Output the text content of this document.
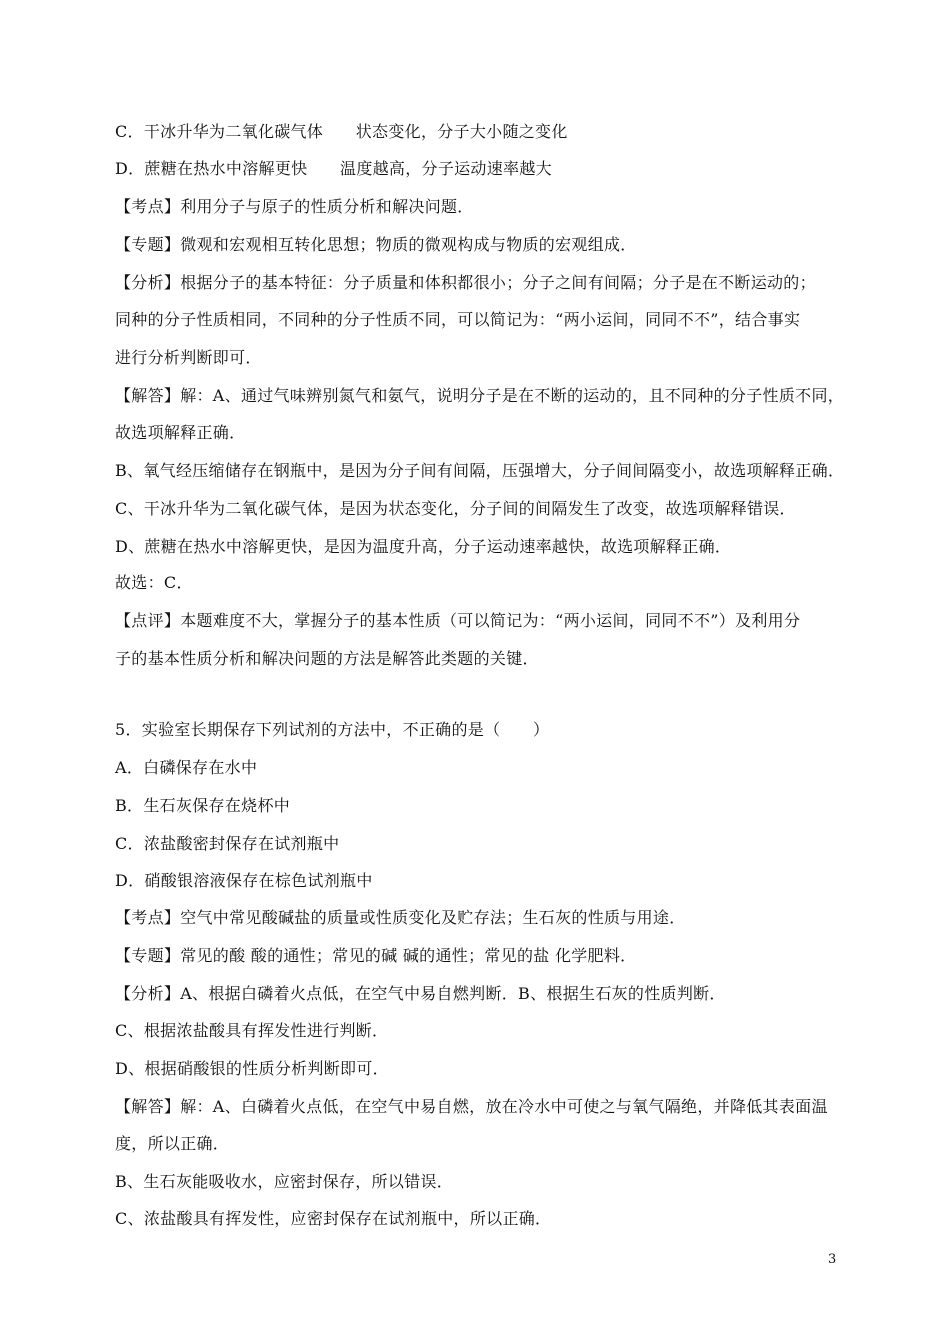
C．干冰升华为二氧化碳气体　　状态变化，分子大小随之变化
D．蔗糖在热水中溶解更快　　温度越高，分子运动速率越大
【考点】利用分子与原子的性质分析和解决问题．
【专题】微观和宏观相互转化思想；物质的微观构成与物质的宏观组成．
【分析】根据分子的基本特征：分子质量和体积都很小；分子之间有间隔；分子是在不断运动的；
同种的分子性质相同，不同种的分子性质不同，可以简记为：“两小运间，同同不不”，结合事实
进行分析判断即可．
【解答】解：A、通过气味辨别氮气和氨气，说明分子是在不断的运动的，且不同种的分子性质不同，
故选项解释正确．
B、氧气经压缩储存在钢瓶中，是因为分子间有间隔，压强增大，分子间间隔变小，故选项解释正确．
C、干冰升华为二氧化碳气体，是因为状态变化，分子间的间隔发生了改变，故选项解释错误．
D、蔗糖在热水中溶解更快，是因为温度升高，分子运动速率越快，故选项解释正确．
故选：C．
【点评】本题难度不大，掌握分子的基本性质（可以简记为：“两小运间，同同不不”）及利用分
子的基本性质分析和解决问题的方法是解答此类题的关键．
5．实验室长期保存下列试剂的方法中，不正确的是（　　）
A．白磷保存在水中
B．生石灰保存在烧杯中
C．浓盐酸密封保存在试剂瓶中
D．硝酸银溶液保存在棕色试剂瓶中
【考点】空气中常见酸碱盐的质量或性质变化及贮存法；生石灰的性质与用途．
【专题】常见的酸 酸的通性；常见的碱 碱的通性；常见的盐 化学肥料．
【分析】A、根据白磷着火点低，在空气中易自燃判断．B、根据生石灰的性质判断．
C、根据浓盐酸具有挥发性进行判断．
D、根据硝酸银的性质分析判断即可．
【解答】解：A、白磷着火点低，在空气中易自燃，放在冷水中可使之与氧气隔绝，并降低其表面温
度，所以正确．
B、生石灰能吸收水，应密封保存，所以错误．
C、浓盐酸具有挥发性，应密封保存在试剂瓶中，所以正确．
3
